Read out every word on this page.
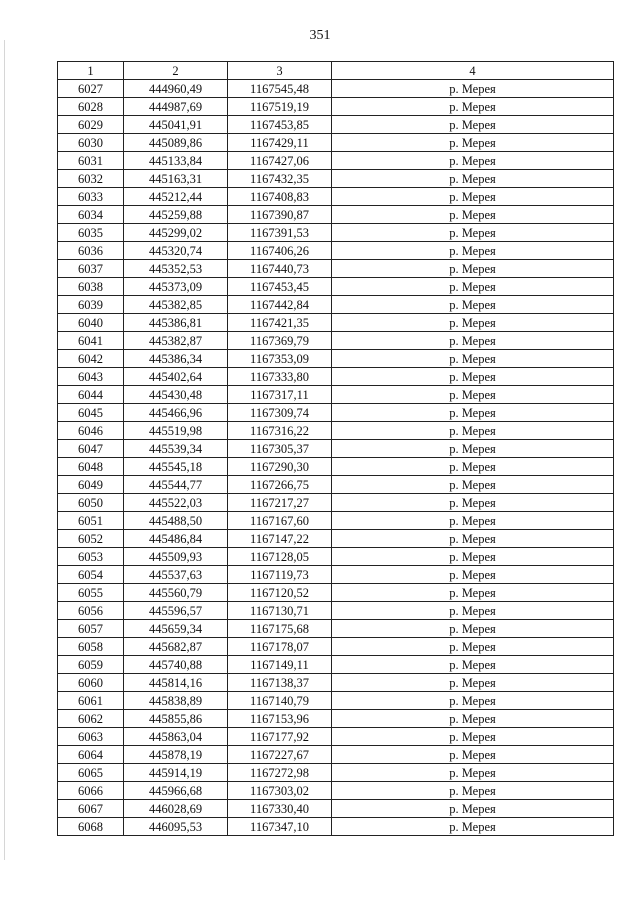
351
1	2	3	4
6027	444960,49	1167545,48	р. Мерея
6028	444987,69	1167519,19	р. Мерея
6029	445041,91	1167453,85	р. Мерея
6030	445089,86	1167429,11	р. Мерея
6031	445133,84	1167427,06	р. Мерея
6032	445163,31	1167432,35	р. Мерея
6033	445212,44	1167408,83	р. Мерея
6034	445259,88	1167390,87	р. Мерея
6035	445299,02	1167391,53	р. Мерея
6036	445320,74	1167406,26	р. Мерея
6037	445352,53	1167440,73	р. Мерея
6038	445373,09	1167453,45	р. Мерея
6039	445382,85	1167442,84	р. Мерея
6040	445386,81	1167421,35	р. Мерея
6041	445382,87	1167369,79	р. Мерея
6042	445386,34	1167353,09	р. Мерея
6043	445402,64	1167333,80	р. Мерея
6044	445430,48	1167317,11	р. Мерея
6045	445466,96	1167309,74	р. Мерея
6046	445519,98	1167316,22	р. Мерея
6047	445539,34	1167305,37	р. Мерея
6048	445545,18	1167290,30	р. Мерея
6049	445544,77	1167266,75	р. Мерея
6050	445522,03	1167217,27	р. Мерея
6051	445488,50	1167167,60	р. Мерея
6052	445486,84	1167147,22	р. Мерея
6053	445509,93	1167128,05	р. Мерея
6054	445537,63	1167119,73	р. Мерея
6055	445560,79	1167120,52	р. Мерея
6056	445596,57	1167130,71	р. Мерея
6057	445659,34	1167175,68	р. Мерея
6058	445682,87	1167178,07	р. Мерея
6059	445740,88	1167149,11	р. Мерея
6060	445814,16	1167138,37	р. Мерея
6061	445838,89	1167140,79	р. Мерея
6062	445855,86	1167153,96	р. Мерея
6063	445863,04	1167177,92	р. Мерея
6064	445878,19	1167227,67	р. Мерея
6065	445914,19	1167272,98	р. Мерея
6066	445966,68	1167303,02	р. Мерея
6067	446028,69	1167330,40	р. Мерея
6068	446095,53	1167347,10	р. Мерея
